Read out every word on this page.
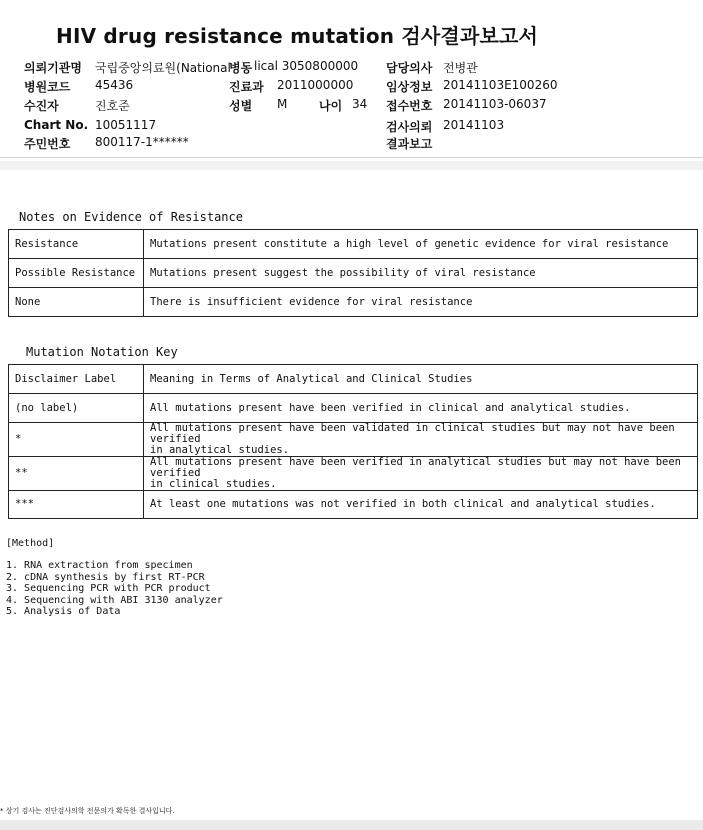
HIV drug resistance mutation 검사결과보고서
의뢰기관명 국립중앙의료원(National
병동 lical 3050800000 담당의사 전병관
병원코드 45436	진료과 2011000000	임상정보 20141103E100260
수진자	진호준	성별 M	나이 34 접수번호 20141103-06037
Chart No. 10051117	검사의뢰 20141103
주민번호 800117-1******	결과보고
Notes on Evidence of Resistance
Resistance	Mutations present constitute a high level of genetic evidence for viral resistance
Possible Resistance	Mutations present suggest the possibility of viral resistance
None	There is insufficient evidence for viral resistance
Mutation Notation Key
Disclaimer Label	Meaning in Terms of Analytical and Clinical Studies

(no label)	All mutations present have been verified in clinical and analytical studies.

*	All mutations present have been validated in clinical studies but may not have been verified
in analytical studies.

**	All mutations present have been verified in analytical studies but may not have been verified
in clinical studies.

***	At least one mutations was not verified in both clinical and analytical studies.
[Method]
1. RNA extraction from specimen
2. cDNA synthesis by first RT-PCR
3. Sequencing PCR with PCR product
4. Sequencing with ABI 3130 analyzer
5. Analysis of Data
* 상기 검사는 진단검사의학 전문의가 확독한 결사입니다.
